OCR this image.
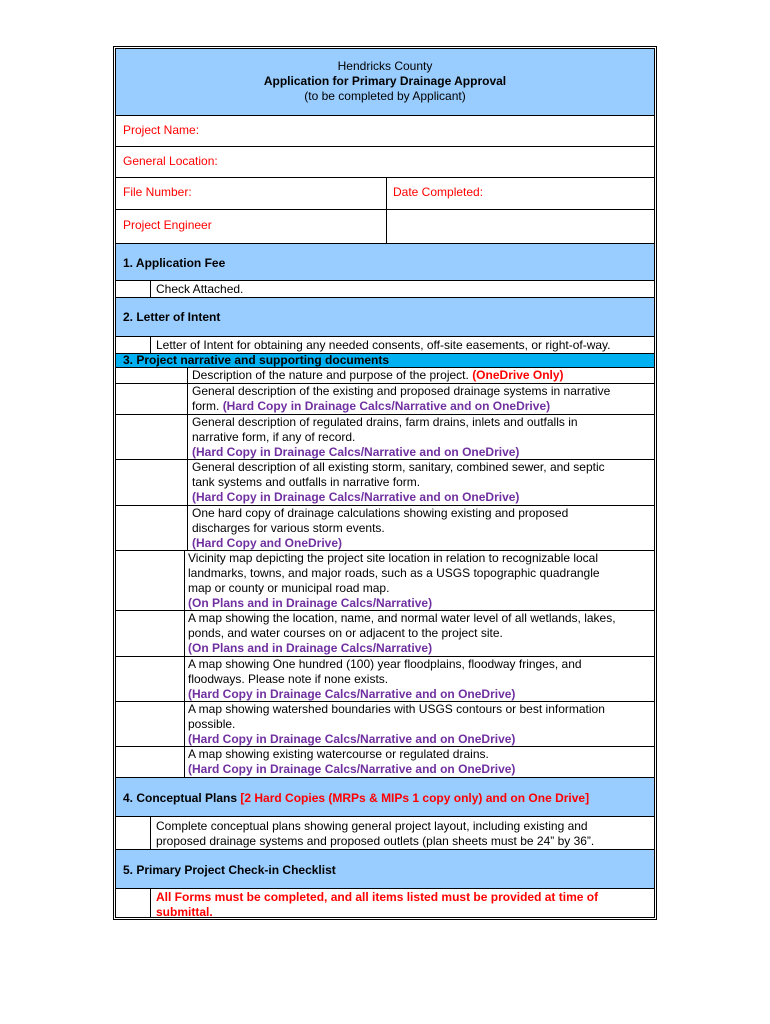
Hendricks County
Application for Primary Drainage Approval
(to be completed by Applicant)
Project Name:
General Location:
File Number:	Date Completed:
Project Engineer
1. Application Fee
Check Attached.
2. Letter of Intent
Letter of Intent for obtaining any needed consents, off-site easements, or right-of-way.
3. Project narrative and supporting documents
Description of the nature and purpose of the project. (OneDrive Only)
General description of the existing and proposed drainage systems in narrative
form. (Hard Copy in Drainage Calcs/Narrative and on OneDrive)
General description of regulated drains, farm drains, inlets and outfalls in
narrative form, if any of record.
(Hard Copy in Drainage Calcs/Narrative and on OneDrive)
General description of all existing storm, sanitary, combined sewer, and septic
tank systems and outfalls in narrative form.
(Hard Copy in Drainage Calcs/Narrative and on OneDrive)
One hard copy of drainage calculations showing existing and proposed
discharges for various storm events.
(Hard Copy and OneDrive)
Vicinity map depicting the project site location in relation to recognizable local
landmarks, towns, and major roads, such as a USGS topographic quadrangle
map or county or municipal road map.
(On Plans and in Drainage Calcs/Narrative)
A map showing the location, name, and normal water level of all wetlands, lakes,
ponds, and water courses on or adjacent to the project site.
(On Plans and in Drainage Calcs/Narrative)
A map showing One hundred (100) year floodplains, floodway fringes, and
floodways. Please note if none exists.
(Hard Copy in Drainage Calcs/Narrative and on OneDrive)
A map showing watershed boundaries with USGS contours or best information
possible.
(Hard Copy in Drainage Calcs/Narrative and on OneDrive)
A map showing existing watercourse or regulated drains.
(Hard Copy in Drainage Calcs/Narrative and on OneDrive)
4. Conceptual Plans [2 Hard Copies (MRPs & MIPs 1 copy only) and on One Drive]
Complete conceptual plans showing general project layout, including existing and
proposed drainage systems and proposed outlets (plan sheets must be 24” by 36”.
5. Primary Project Check-in Checklist
All Forms must be completed, and all items listed must be provided at time of
submittal.
